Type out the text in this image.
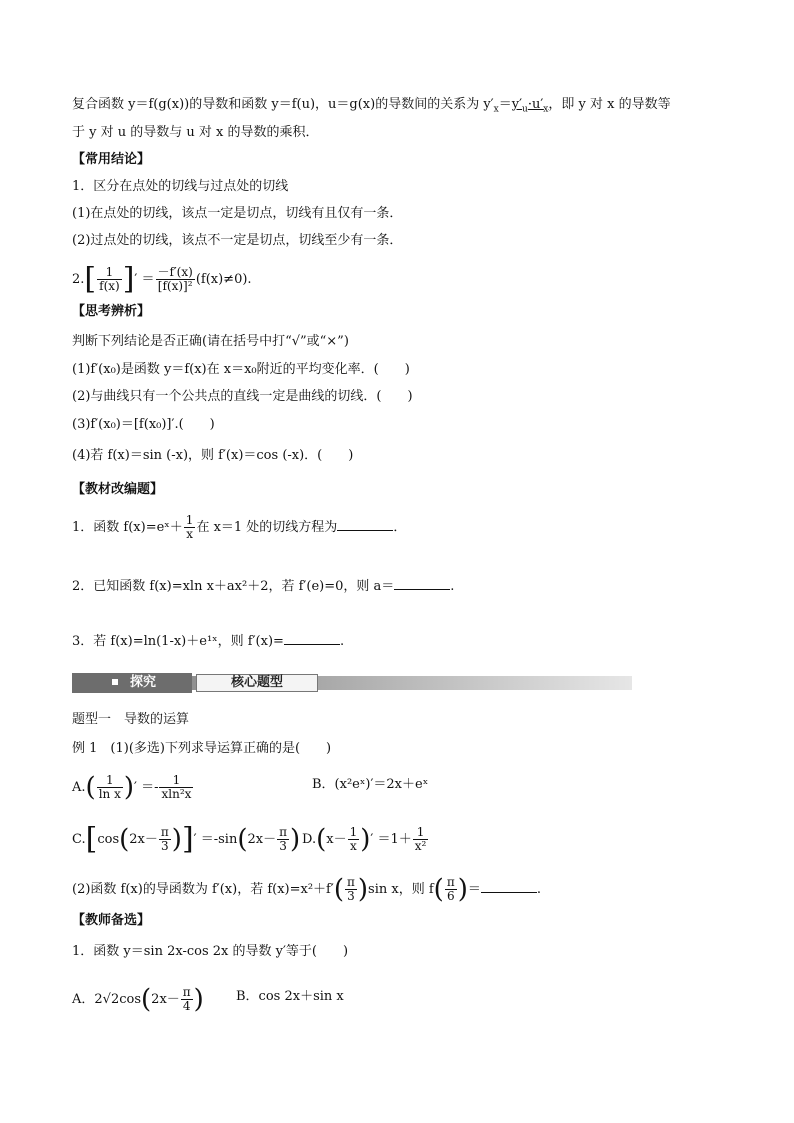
复合函数 y＝f(g(x))的导数和函数 y＝f(u)，u＝g(x)的导数间的关系为 $y'_x=y'_u\cdot u'_x$，即 y 对 x 的导数等
于 y 对 u 的导数与 u 对 x 的导数的乘积．
【常用结论】
1．区分在点处的切线与过点处的切线
(1)在点处的切线，该点一定是切点，切线有且仅有一条．
(2)过点处的切线，该点不一定是切点，切线至少有一条．
$2.[ \frac{1}{f(x)}$ ]′ ＝ $\frac{-f'(x)}{\text{[f(x)]²}} (f(x)\ne 0)$.
【思考辨析】
判断下列结论是否正确(请在括号中打“√”或“×”)
(1)f′(x₀)是函数 y＝f(x)在 x＝x₀附近的平均变化率．(　　)
(2)与曲线只有一个公共点的直线一定是曲线的切线．(　　)
(3)f′(x₀)＝[f(x₀)]′.(　　)
(4)若 f(x)＝sin (-x)，则 f′(x)＝cos (-x)．(　　)
【教材改编题】
1．函数 f(x)=eˣ＋ $\frac{1}{x}$ 在 x＝1 处的切线方程为	．
2．已知函数 f(x)=xln x＋ax²＋2，若 f′(e)=0，则 a＝	.
3．若 f(x)=ln(1-x)＋e¹ˣ，则 f′(x)=	.
探究	核心题型
题型一　导数的运算
例 1　(1)(多选)下列求导运算正确的是(　　)
$A.( \frac{1}{\text{ln x}}$ )′ ＝- $\frac{1}{\text{xln²x}}$	B．(x²eˣ)′＝2x＋eˣ
$C.[\cos(2x- \frac{\pi}{3}$ )]′ $=-\sin(2x- \frac{\pi}{3}$ ) $D.(x- \frac{1}{x}$ )′ $=1+ \frac{1}{\text{x²}}$
(2)函数 f(x)的导函数为 f′(x)，若 $f(x)=x^2+f'( \frac{\pi}{3} )\sin$ x，则 $f( \frac{\pi}{6}$ )＝	.
【教师备选】
1．函数 y＝sin 2x-cos 2x 的导数 y′等于(　　)
A．$2√2\cos(2x- \frac{\pi}{4}$ ) B．cos 2x＋sin x
